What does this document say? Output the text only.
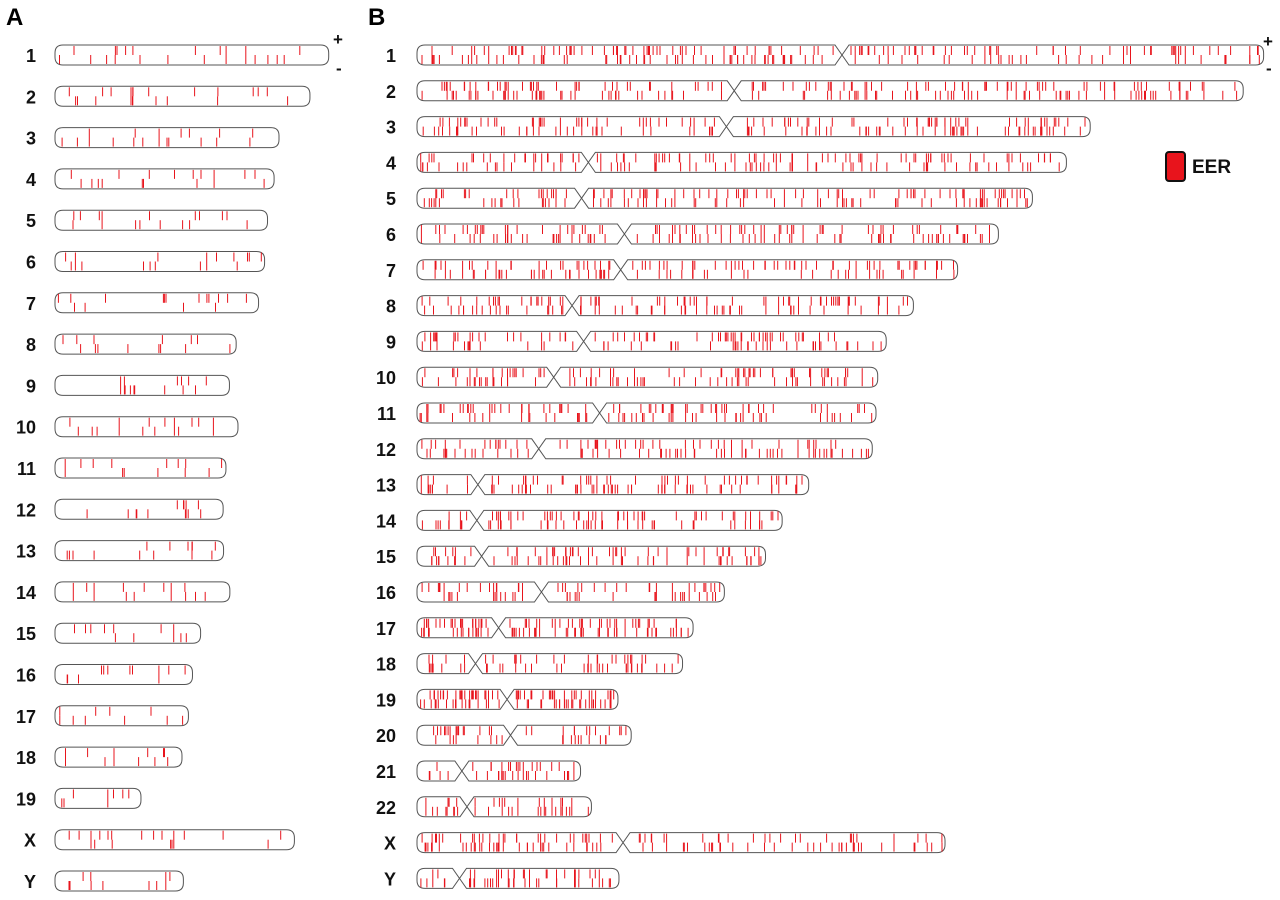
A
+
-
1
2
3
4
5
6
7
8
9
10
11
12
13
14
15
16
17
18
19
X
Y
B
+
-
1
2
3
4
5
6
7
8
9
10
11
12
13
14
15
16
17
18
19
20
21
22
X
Y
EER
